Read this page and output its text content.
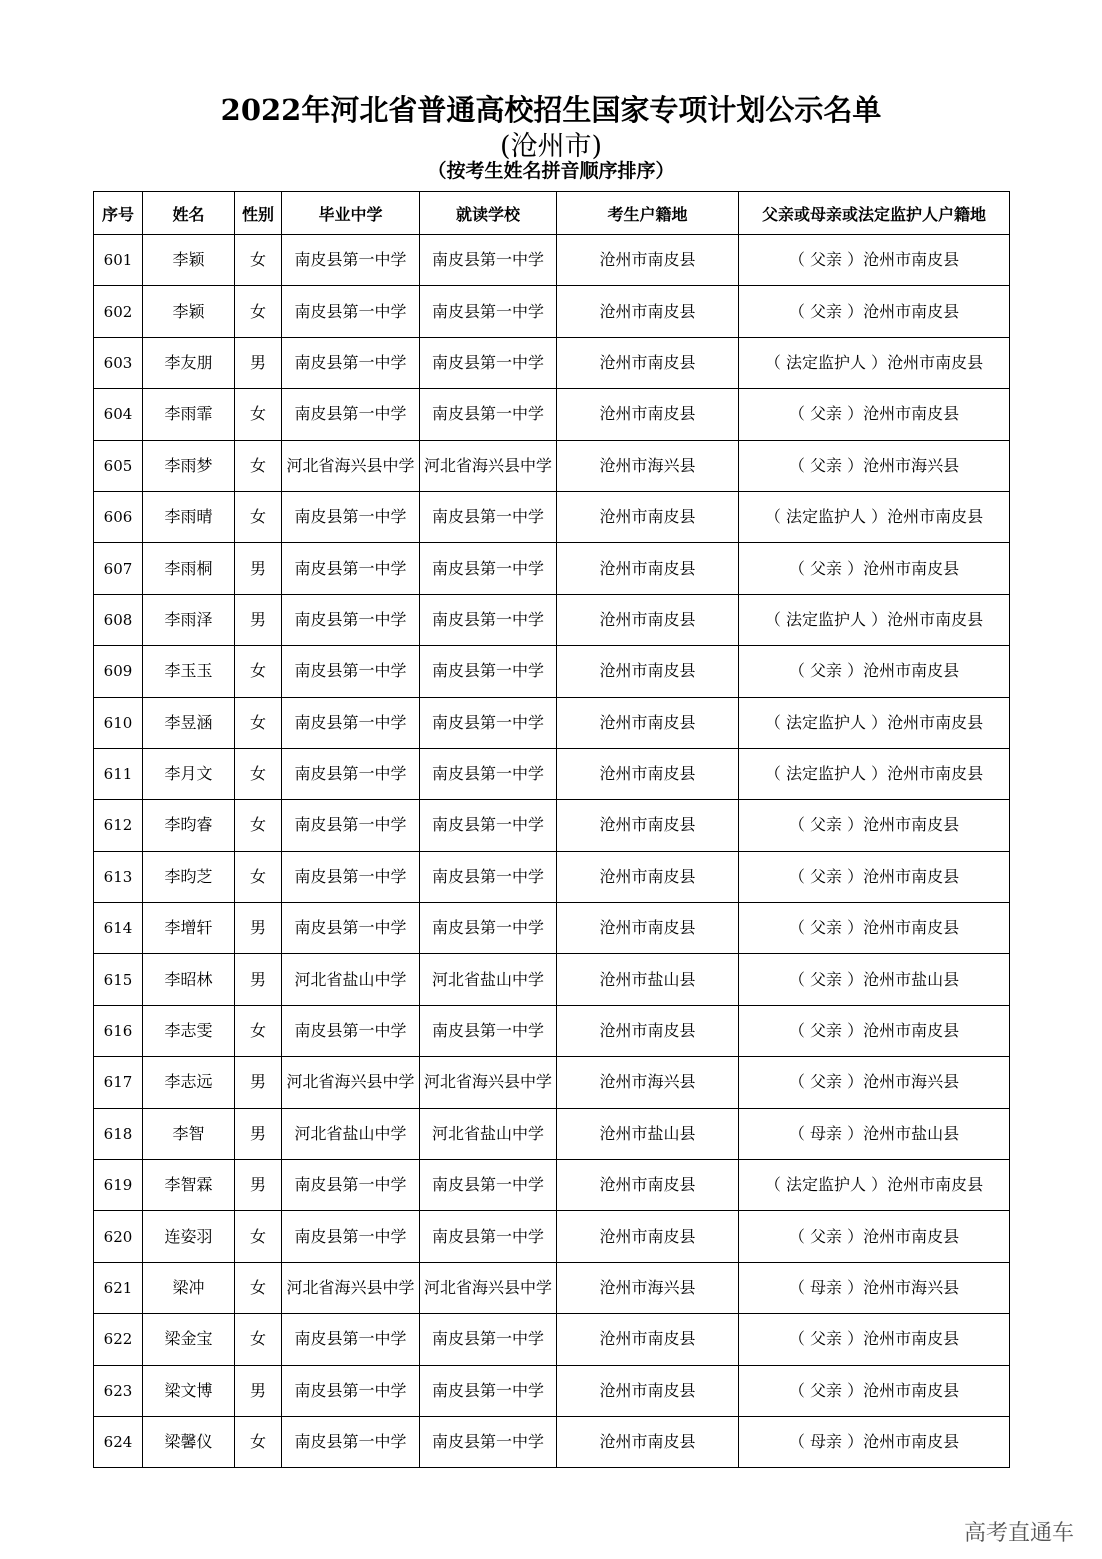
2022年河北省普通高校招生国家专项计划公示名单
(沧州市)
（按考生姓名拼音顺序排序）
序号	姓名	性别	毕业中学	就读学校	考生户籍地	父亲或母亲或法定监护人户籍地
601	李颖	女	南皮县第一中学	南皮县第一中学	沧州市南皮县	（ 父亲 ）沧州市南皮县
602	李颖	女	南皮县第一中学	南皮县第一中学	沧州市南皮县	（ 父亲 ）沧州市南皮县
603	李友朋	男	南皮县第一中学	南皮县第一中学	沧州市南皮县	（ 法定监护人 ）沧州市南皮县
604	李雨霏	女	南皮县第一中学	南皮县第一中学	沧州市南皮县	（ 父亲 ）沧州市南皮县
605	李雨梦	女	河北省海兴县中学	河北省海兴县中学	沧州市海兴县	（ 父亲 ）沧州市海兴县
606	李雨晴	女	南皮县第一中学	南皮县第一中学	沧州市南皮县	（ 法定监护人 ）沧州市南皮县
607	李雨桐	男	南皮县第一中学	南皮县第一中学	沧州市南皮县	（ 父亲 ）沧州市南皮县
608	李雨泽	男	南皮县第一中学	南皮县第一中学	沧州市南皮县	（ 法定监护人 ）沧州市南皮县
609	李玉玉	女	南皮县第一中学	南皮县第一中学	沧州市南皮县	（ 父亲 ）沧州市南皮县
610	李昱涵	女	南皮县第一中学	南皮县第一中学	沧州市南皮县	（ 法定监护人 ）沧州市南皮县
611	李月文	女	南皮县第一中学	南皮县第一中学	沧州市南皮县	（ 法定监护人 ）沧州市南皮县
612	李昀睿	女	南皮县第一中学	南皮县第一中学	沧州市南皮县	（ 父亲 ）沧州市南皮县
613	李昀芝	女	南皮县第一中学	南皮县第一中学	沧州市南皮县	（ 父亲 ）沧州市南皮县
614	李增轩	男	南皮县第一中学	南皮县第一中学	沧州市南皮县	（ 父亲 ）沧州市南皮县
615	李昭林	男	河北省盐山中学	河北省盐山中学	沧州市盐山县	（ 父亲 ）沧州市盐山县
616	李志雯	女	南皮县第一中学	南皮县第一中学	沧州市南皮县	（ 父亲 ）沧州市南皮县
617	李志远	男	河北省海兴县中学	河北省海兴县中学	沧州市海兴县	（ 父亲 ）沧州市海兴县
618	李智	男	河北省盐山中学	河北省盐山中学	沧州市盐山县	（ 母亲 ）沧州市盐山县
619	李智霖	男	南皮县第一中学	南皮县第一中学	沧州市南皮县	（ 法定监护人 ）沧州市南皮县
620	连姿羽	女	南皮县第一中学	南皮县第一中学	沧州市南皮县	（ 父亲 ）沧州市南皮县
621	梁冲	女	河北省海兴县中学	河北省海兴县中学	沧州市海兴县	（ 母亲 ）沧州市海兴县
622	梁金宝	女	南皮县第一中学	南皮县第一中学	沧州市南皮县	（ 父亲 ）沧州市南皮县
623	梁文博	男	南皮县第一中学	南皮县第一中学	沧州市南皮县	（ 父亲 ）沧州市南皮县
624	梁馨仪	女	南皮县第一中学	南皮县第一中学	沧州市南皮县	（ 母亲 ）沧州市南皮县
高考直通车
